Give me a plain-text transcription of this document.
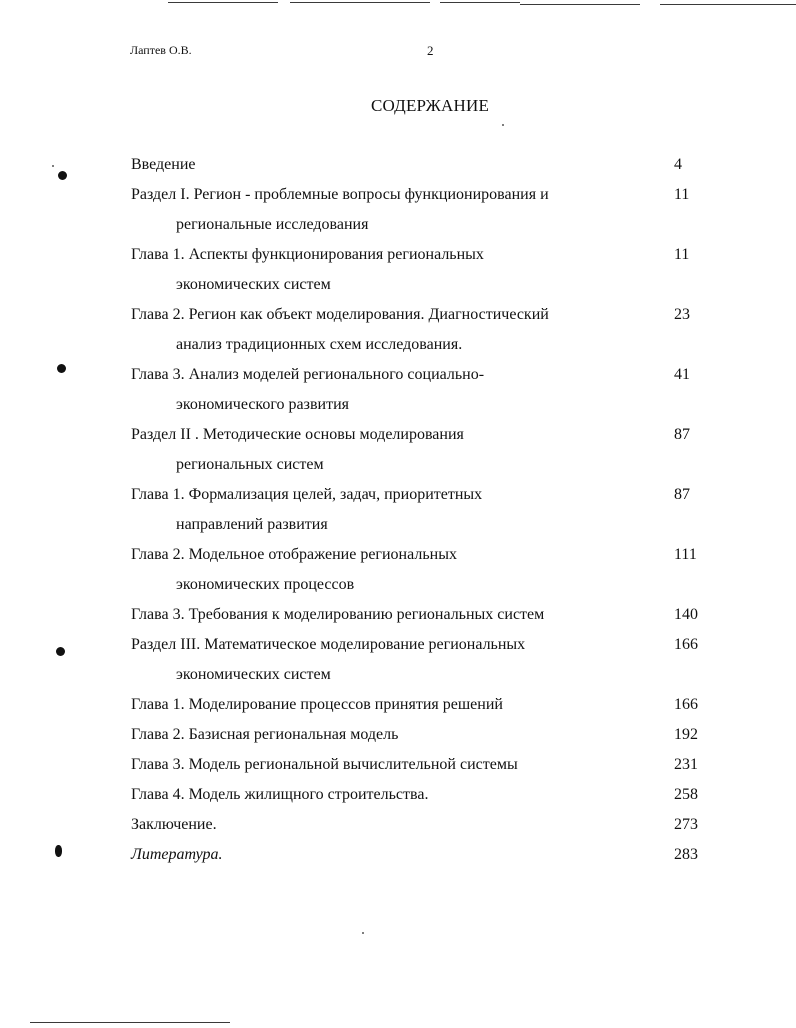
Лаптев О.В.	2
СОДЕРЖАНИЕ
Введение	4
Раздел I. Регион - проблемные вопросы функционирования и	11
региональные исследования
Глава 1. Аспекты функционирования региональных	11
экономических систем
Глава 2. Регион как объект моделирования. Диагностический	23
анализ традиционных схем исследования.
Глава 3. Анализ моделей регионального социально-	41
экономического развития
Раздел II . Методические основы моделирования	87
региональных систем
Глава 1. Формализация целей, задач, приоритетных	87
направлений развития
Глава 2. Модельное отображение региональных	111
экономических процессов
Глава 3. Требования к моделированию региональных систем	140
Раздел III. Математическое моделирование региональных	166
экономических систем
Глава 1. Моделирование процессов принятия решений	166
Глава 2. Базисная региональная модель	192
Глава 3. Модель региональной вычислительной системы	231
Глава 4. Модель жилищного строительства.	258
Заключение.	273
Литература.	283
